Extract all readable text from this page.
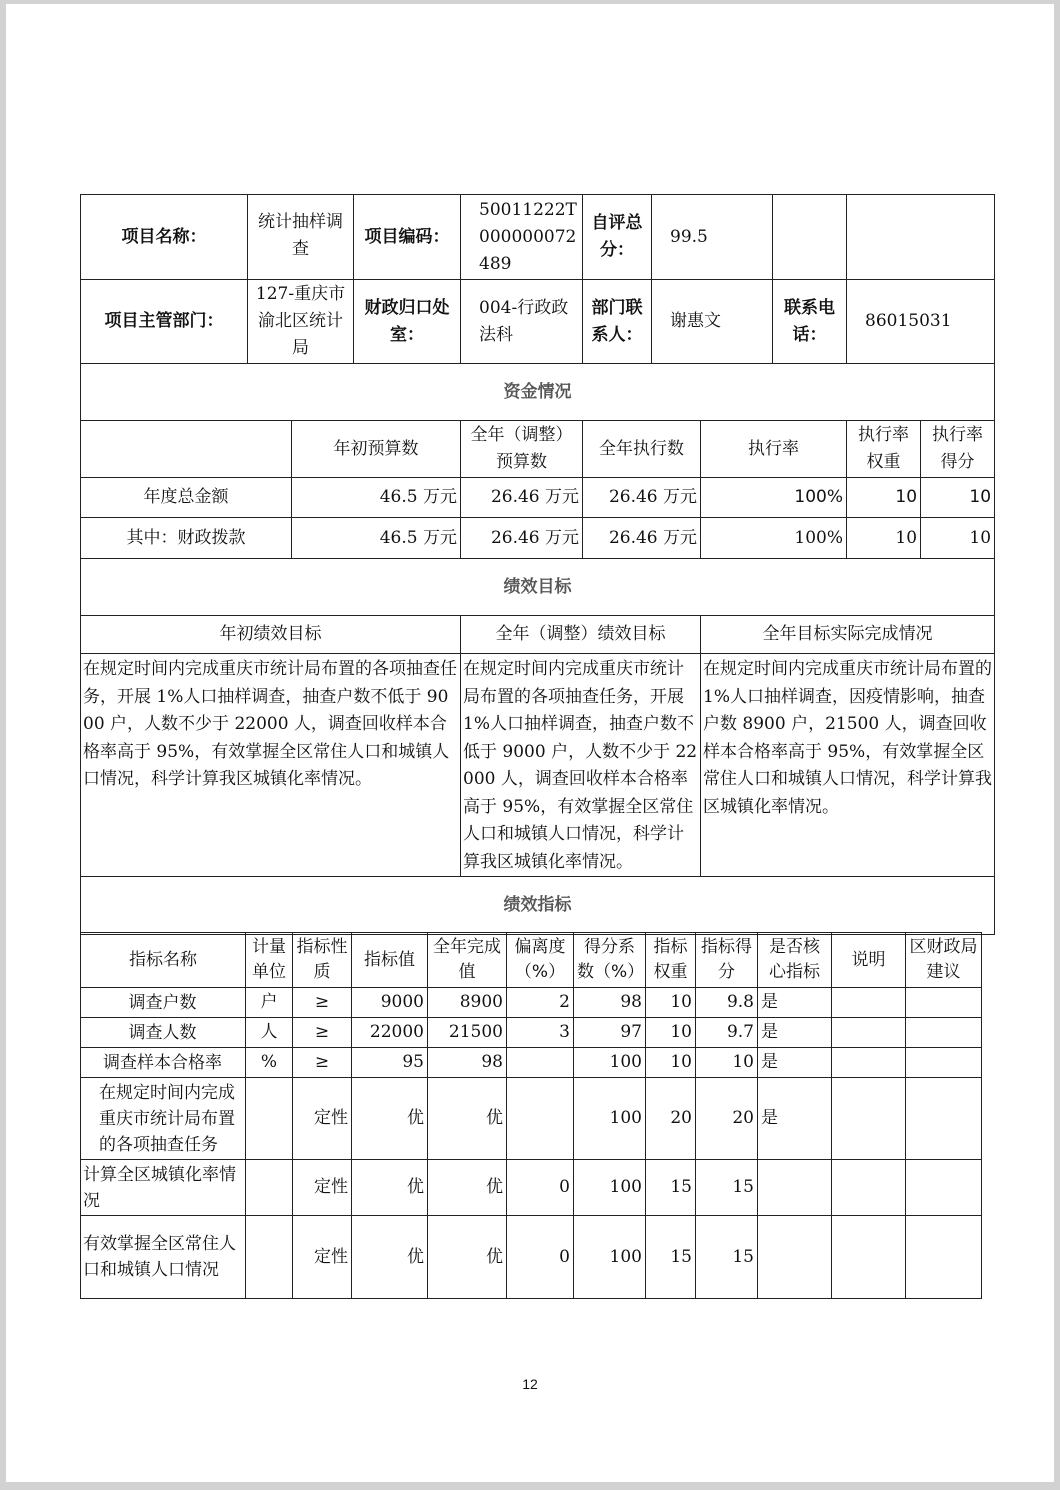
项目名称：	统计抽样调查		项目编码：	50011222T000000072489	自评总分：	99.5				
项目主管部门：	127-重庆市渝北区统计局		财政归口处室：	004-行政政法科	部门联系人：	谢惠文		联系电话：	86015031	
资金情况										
		年初预算数		全年（调整）预算数	全年执行数		执行率		执行率权重	执行率得分
年度总金额		46.5 万元		26.46 万元	26.46 万元		100%		10	10
其中：财政拨款		46.5 万元		26.46 万元	26.46 万元		100%		10	10
绩效目标										
年初绩效目标				全年（调整）绩效目标			全年目标实际完成情况			
在规定时间内完成重庆市统计局布置的各项抽查任务，开展 1%人口抽样调查，抽查户数不低于 9000 户，人数不少于 22000 人，调查回收样本合格率高于 95%，有效掌握全区常住人口和城镇人口情况，科学计算我区城镇化率情况。				在规定时间内完成重庆市统计局布置的各项抽查任务，开展 1%人口抽样调查，抽查户数不低于 9000 户，人数不少于 22000 人，调查回收样本合格率高于 95%，有效掌握全区常住人口和城镇人口情况，科学计算我区城镇化率情况。			在规定时间内完成重庆市统计局布置的 1%人口抽样调查，因疫情影响，抽查户数 8900 户，21500 人，调查回收样本合格率高于 95%，有效掌握全区常住人口和城镇人口情况，科学计算我区城镇化率情况。			
绩效指标										
指标名称	计量单位	指标性质	指标值	全年完成值	偏离度（%）	得分系数（%）	指标权重	指标得分	是否核心指标	说明	区财政局建议
调查户数	户	≥	9000	8900	2	98	10	9.8	是		
调查人数	人	≥	22000	21500	3	97	10	9.7	是		
调查样本合格率	%	≥	95	98		100	10	10	是		
在规定时间内完成重庆市统计局布置的各项抽查任务		定性	优	优		100	20	20	是		
计算全区城镇化率情况		定性	优	优	0	100	15	15			
有效掌握全区常住人口和城镇人口情况		定性	优	优	0	100	15	15			
12
